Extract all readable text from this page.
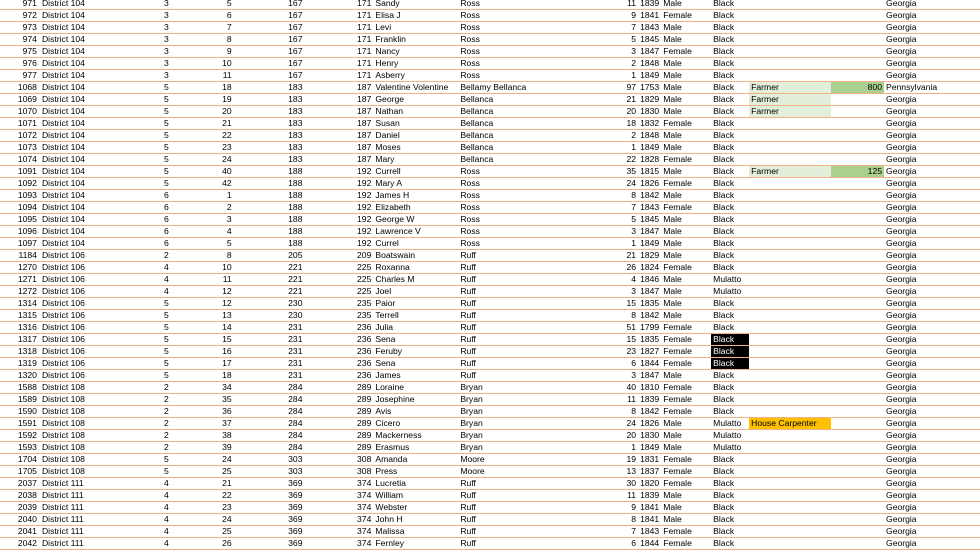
971	District 104	3	5	167	171	Sandy	Ross	11	1839	Male	Black			Georgia
972	District 104	3	6	167	171	Elisa J	Ross	9	1841	Female	Black			Georgia
973	District 104	3	7	167	171	Levi	Ross	7	1843	Male	Black			Georgia
974	District 104	3	8	167	171	Franklin	Ross	5	1845	Male	Black			Georgia
975	District 104	3	9	167	171	Nancy	Ross	3	1847	Female	Black			Georgia
976	District 104	3	10	167	171	Henry	Ross	2	1848	Male	Black			Georgia
977	District 104	3	11	167	171	Asberry	Ross	1	1849	Male	Black			Georgia
1068	District 104	5	18	183	187	Valentine Volentine	Bellamy Bellanca	97	1753	Male	Black	Farmer	800	Pennsylvania
1069	District 104	5	19	183	187	George	Bellanca	21	1829	Male	Black	Farmer		Georgia
1070	District 104	5	20	183	187	Nathan	Bellanca	20	1830	Male	Black	Farmer		Georgia
1071	District 104	5	21	183	187	Susan	Bellanca	18	1832	Female	Black			Georgia
1072	District 104	5	22	183	187	Daniel	Bellanca	2	1848	Male	Black			Georgia
1073	District 104	5	23	183	187	Moses	Bellanca	1	1849	Male	Black			Georgia
1074	District 104	5	24	183	187	Mary	Bellanca	22	1828	Female	Black			Georgia
1091	District 104	5	40	188	192	Currell	Ross	35	1815	Male	Black	Farmer	125	Georgia
1092	District 104	5	42	188	192	Mary A	Ross	24	1826	Female	Black			Georgia
1093	District 104	6	1	188	192	James H	Ross	8	1842	Male	Black			Georgia
1094	District 104	6	2	188	192	Elizabeth	Ross	7	1843	Female	Black			Georgia
1095	District 104	6	3	188	192	George W	Ross	5	1845	Male	Black			Georgia
1096	District 104	6	4	188	192	Lawrence V	Ross	3	1847	Male	Black			Georgia
1097	District 104	6	5	188	192	Currel	Ross	1	1849	Male	Black			Georgia
1184	District 106	2	8	205	209	Boatswain	Ruff	21	1829	Male	Black			Georgia
1270	District 106	4	10	221	225	Roxanna	Ruff	26	1824	Female	Black			Georgia
1271	District 106	4	11	221	225	Charles M	Ruff	4	1846	Male	Mulatto			Georgia
1272	District 106	4	12	221	225	Joel	Ruff	3	1847	Male	Mulatto			Georgia
1314	District 106	5	12	230	235	Paior	Ruff	15	1835	Male	Black			Georgia
1315	District 106	5	13	230	235	Terrell	Ruff	8	1842	Male	Black			Georgia
1316	District 106	5	14	231	236	Julia	Ruff	51	1799	Female	Black			Georgia
1317	District 106	5	15	231	236	Sena	Ruff	15	1835	Female	Black			Georgia
1318	District 106	5	16	231	236	Feruby	Ruff	23	1827	Female	Black			Georgia
1319	District 106	5	17	231	236	Sena	Ruff	6	1844	Female	Black			Georgia
1320	District 106	5	18	231	236	James	Ruff	3	1847	Male	Black			Georgia
1588	District 108	2	34	284	289	Loraine	Bryan	40	1810	Female	Black			Georgia
1589	District 108	2	35	284	289	Josephine	Bryan	11	1839	Female	Black			Georgia
1590	District 108	2	36	284	289	Avis	Bryan	8	1842	Female	Black			Georgia
1591	District 108	2	37	284	289	Cicero	Bryan	24	1826	Male	Mulatto	House Carpenter		Georgia
1592	District 108	2	38	284	289	Mackerness	Bryan	20	1830	Male	Mulatto			Georgia
1593	District 108	2	39	284	289	Erasmus	Bryan	1	1849	Male	Mulatto			Georgia
1704	District 108	5	24	303	308	Amanda	Moore	19	1831	Female	Black			Georgia
1705	District 108	5	25	303	308	Press	Moore	13	1837	Female	Black			Georgia
2037	District 111	4	21	369	374	Lucretia	Ruff	30	1820	Female	Black			Georgia
2038	District 111	4	22	369	374	William	Ruff	11	1839	Male	Black			Georgia
2039	District 111	4	23	369	374	Webster	Ruff	9	1841	Male	Black			Georgia
2040	District 111	4	24	369	374	John H	Ruff	8	1841	Male	Black			Georgia
2041	District 111	4	25	369	374	Malissa	Ruff	7	1843	Female	Black			Georgia
2042	District 111	4	26	369	374	Fernley	Ruff	6	1844	Female	Black			Georgia
